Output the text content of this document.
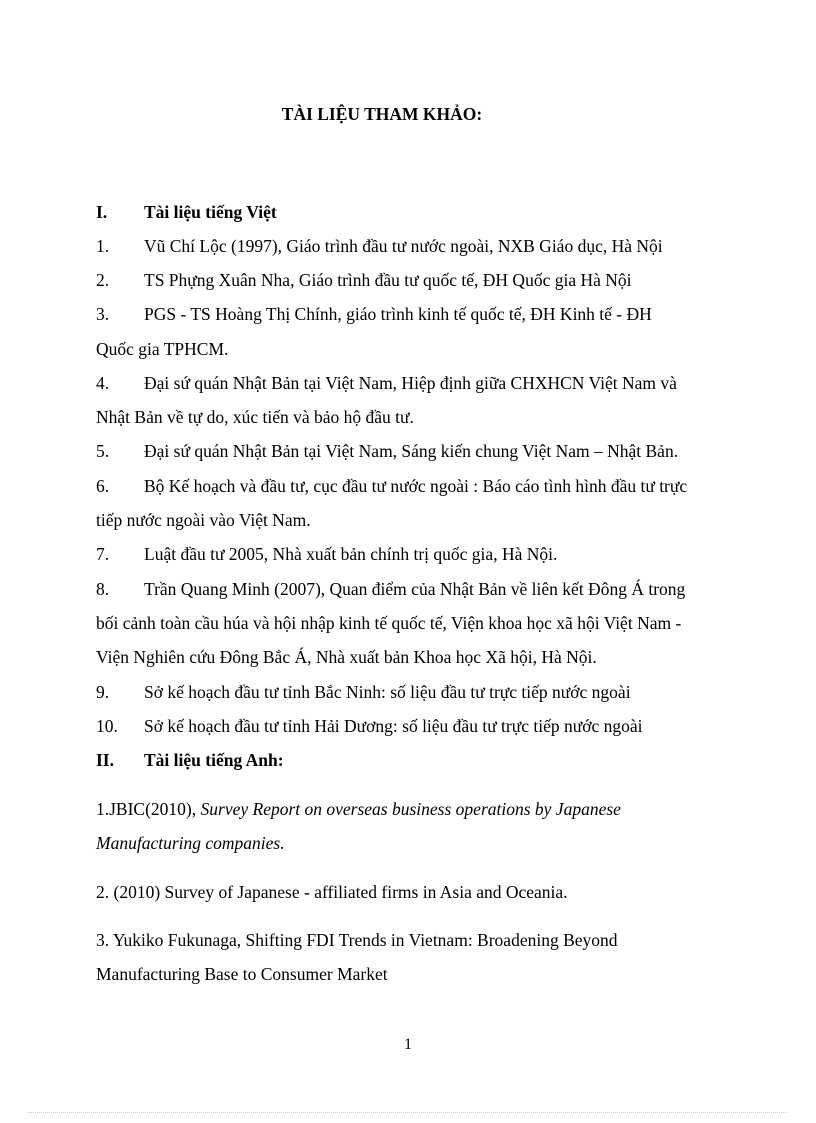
TÀI LIỆU THAM KHẢO:
I. Tài liệu tiếng Việt
1. Vũ Chí Lộc (1997), Giáo trình đầu tư nước ngoài, NXB Giáo dục, Hà Nội
2. TS Phựng Xuân Nha, Giáo trình đầu tư quốc tế, ĐH Quốc gia Hà Nội
3. PGS - TS Hoàng Thị Chính, giáo trình kinh tế quốc tế, ĐH Kinh tế - ĐH
Quốc gia TPHCM.
4. Đại sứ quán Nhật Bản tại Việt Nam, Hiệp định giữa CHXHCN Việt Nam và
Nhật Bản về tự do, xúc tiến và bảo hộ đầu tư.
5. Đại sứ quán Nhật Bản tại Việt Nam, Sáng kiến chung Việt Nam – Nhật Bản.
6. Bộ Kế hoạch và đầu tư, cục đầu tư nước ngoài : Báo cáo tình hình đầu tư trực
tiếp nước ngoài vào Việt Nam.
7. Luật đầu tư 2005, Nhà xuất bản chính trị quốc gia, Hà Nội.
8. Trần Quang Minh (2007), Quan điểm của Nhật Bản về liên kết Đông Á trong
bối cảnh toàn cầu húa và hội nhập kinh tế quốc tế, Viện khoa học xã hội Việt Nam -
Viện Nghiên cứu Đông Bắc Á, Nhà xuất bản Khoa học Xã hội, Hà Nội.
9. Sở kế hoạch đầu tư tỉnh Bắc Ninh: số liệu đầu tư trực tiếp nước ngoài
10. Sở kế hoạch đầu tư tỉnh Hải Dương: số liệu đầu tư trực tiếp nước ngoài
II. Tài liệu tiếng Anh:
1.JBIC(2010), Survey Report on overseas business operations by Japanese
Manufacturing companies.
2. (2010) Survey of Japanese - affiliated firms in Asia and Oceania.
3. Yukiko Fukunaga, Shifting FDI Trends in Vietnam: Broadening Beyond
Manufacturing Base to Consumer Market
1
